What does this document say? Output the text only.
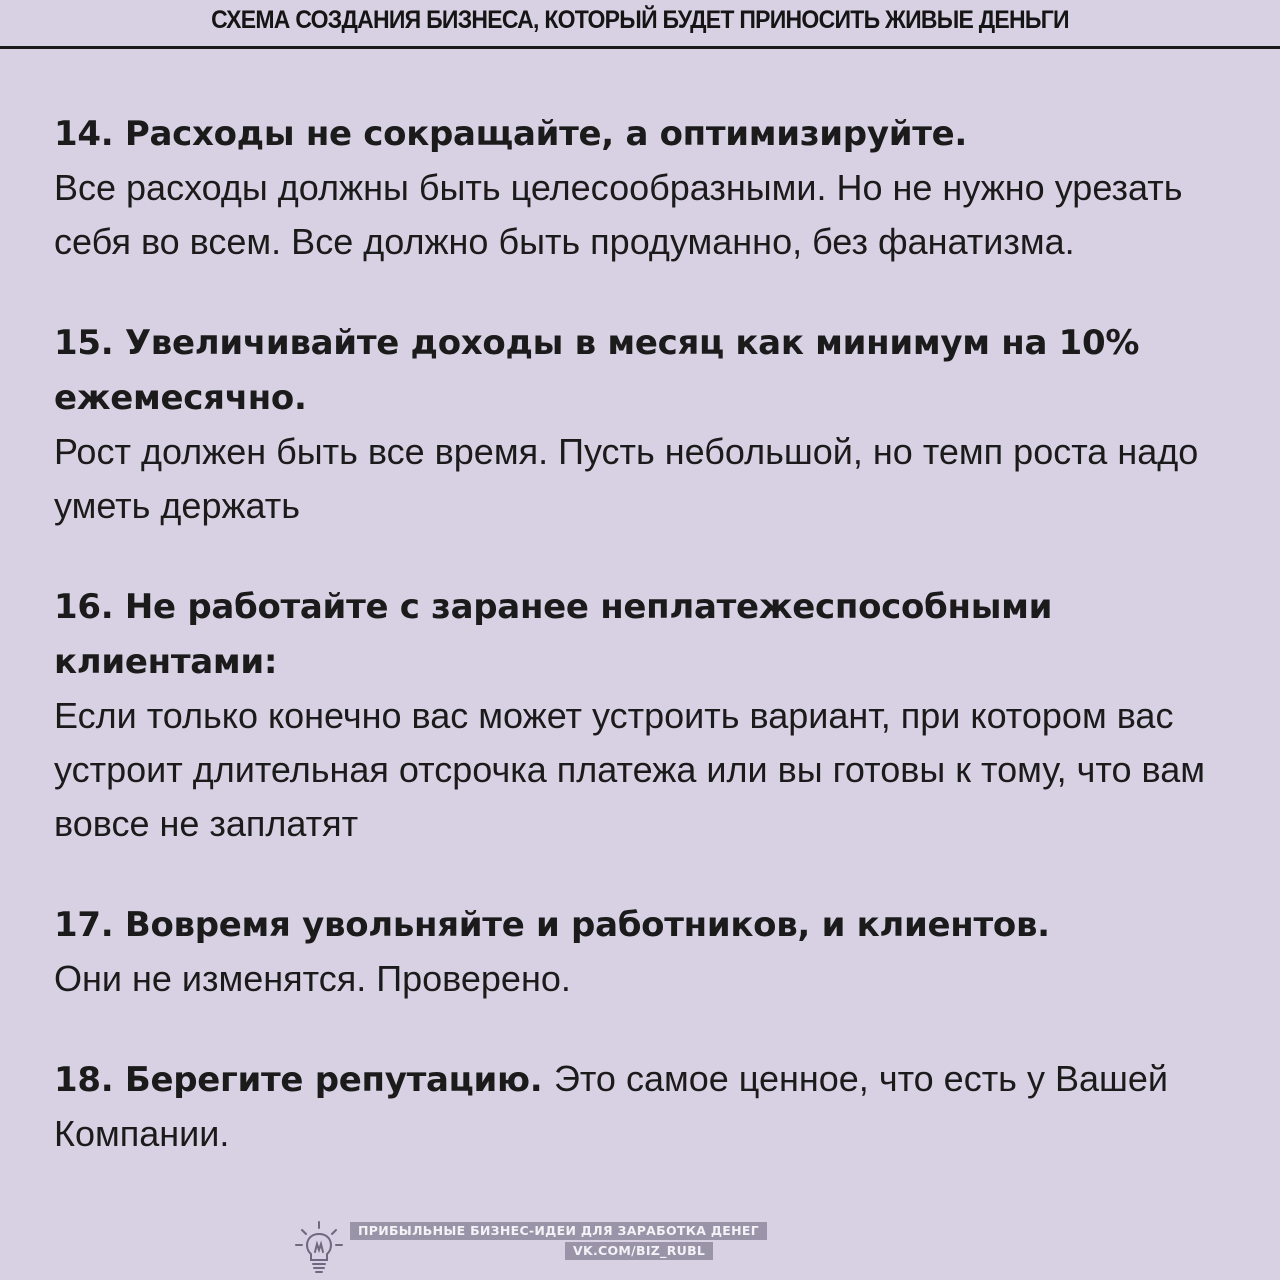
СХЕМА СОЗДАНИЯ БИЗНЕСА, КОТОРЫЙ БУДЕТ ПРИНОСИТЬ ЖИВЫЕ ДЕНЬГИ

14. Расходы не сокращайте, а оптимизируйте.
Все расходы должны быть целесообразными. Но не нужно урезать себя во всем. Все должно быть продуманно, без фанатизма.

15. Увеличивайте доходы в месяц как минимум на 10% ежемесячно.
Рост должен быть все время. Пусть небольшой, но темп роста надо уметь держать

16. Не работайте с заранее неплатежеспособными клиентами:
Если только конечно вас может устроить вариант, при котором вас устроит длительная отсрочка платежа или вы готовы к тому, что вам вовсе не заплатят

17. Вовремя увольняйте и работников, и клиентов.
Они не изменятся. Проверено.

18. Берегите репутацию. Это самое ценное, что есть у Вашей Компании.

ПРИБЫЛЬНЫЕ БИЗНЕС-ИДЕИ ДЛЯ ЗАРАБОТКА ДЕНЕГ
VK.COM/BIZ_RUBL
